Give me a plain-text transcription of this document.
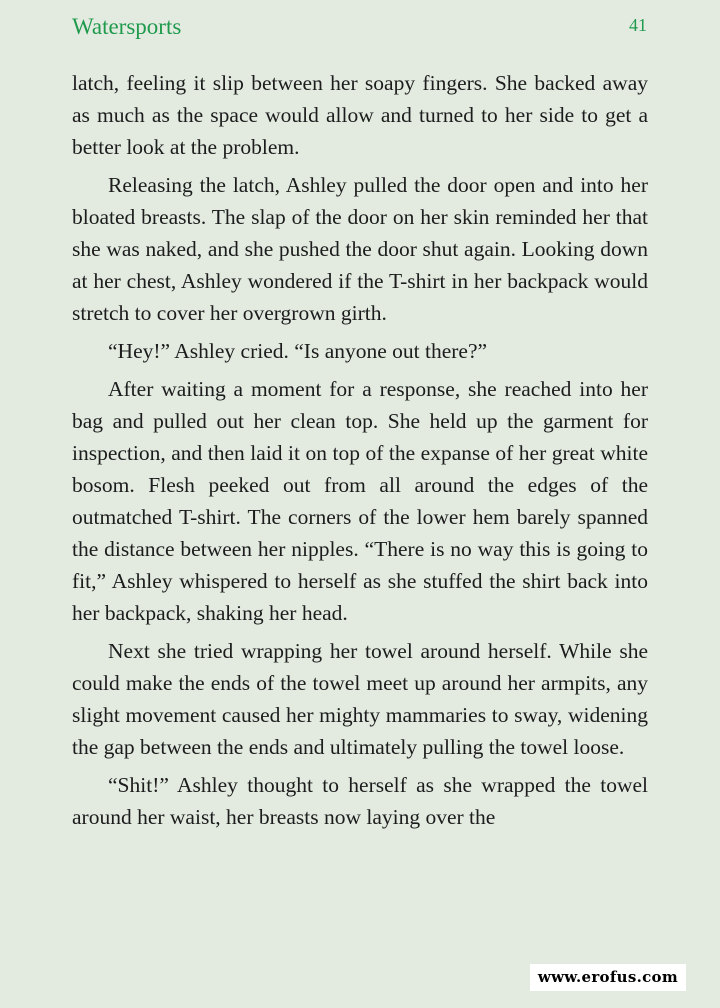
Watersports	41

latch, feeling it slip between her soapy fingers. She backed away as much as the space would allow and turned to her side to get a better look at the problem.

Releasing the latch, Ashley pulled the door open and into her bloated breasts. The slap of the door on her skin reminded her that she was naked, and she pushed the door shut again. Looking down at her chest, Ashley wondered if the T-shirt in her backpack would stretch to cover her overgrown girth.

“Hey!” Ashley cried. “Is anyone out there?”

After waiting a moment for a response, she reached into her bag and pulled out her clean top. She held up the garment for inspection, and then laid it on top of the expanse of her great white bosom. Flesh peeked out from all around the edges of the outmatched T-shirt. The corners of the lower hem barely spanned the distance between her nipples. “There is no way this is going to fit,” Ashley whispered to herself as she stuffed the shirt back into her backpack, shaking her head.

Next she tried wrapping her towel around herself. While she could make the ends of the towel meet up around her armpits, any slight movement caused her mighty mammaries to sway, widening the gap between the ends and ultimately pulling the towel loose.

“Shit!” Ashley thought to herself as she wrapped the towel around her waist, her breasts now laying over the

www.erofus.com
